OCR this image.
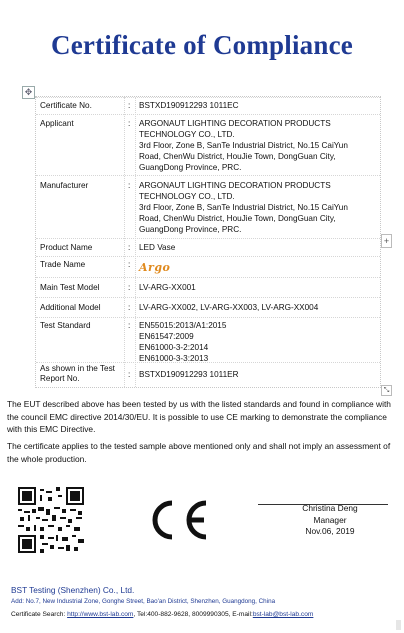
Certificate of Compliance
✥
Certificate No.	: BSTXD190912293 1011EC
Applicant	: ARGONAUT LIGHTING DECORATION PRODUCTS
TECHNOLOGY CO., LTD.
3rd Floor, Zone B, SanTe Industrial District, No.15 CaiYun
Road, ChenWu District, HouJie Town, DongGuan City,
GuangDong Province, PRC.
Manufacturer	: ARGONAUT LIGHTING DECORATION PRODUCTS
TECHNOLOGY CO., LTD.
3rd Floor, Zone B, SanTe Industrial District, No.15 CaiYun
Road, ChenWu District, HouJie Town, DongGuan City,
GuangDong Province, PRC.
Product Name	: LED Vase
Trade Name	: Argo
Main Test Model	: LV-ARG-XX001
Additional Model	: LV-ARG-XX002, LV-ARG-XX003, LV-ARG-XX004
Test Standard	: EN55015:2013/A1:2015
EN61547:2009
EN61000-3-2:2014
EN61000-3-3:2013
As shown in the Test Report No.	: BSTXD190912293 1011ER
+
⤡
The EUT described above has been tested by us with the listed standards and found in compliance with the council EMC directive 2014/30/EU. It is possible to use CE marking to demonstrate the compliance with this EMC Directive.
The certificate applies to the tested sample above mentioned only and shall not imply an assessment of the whole production.
Christina Deng
Manager
Nov.06, 2019
BST Testing (Shenzhen) Co., Ltd.
Add: No.7, New Industrial Zone, Gonghe Street, Bao'an District, Shenzhen, Guangdong, China
Certificate Search: http://www.bst-lab.com, Tel:400-882-9628, 8009990305, E-mail:bst-lab@bst-lab.com
